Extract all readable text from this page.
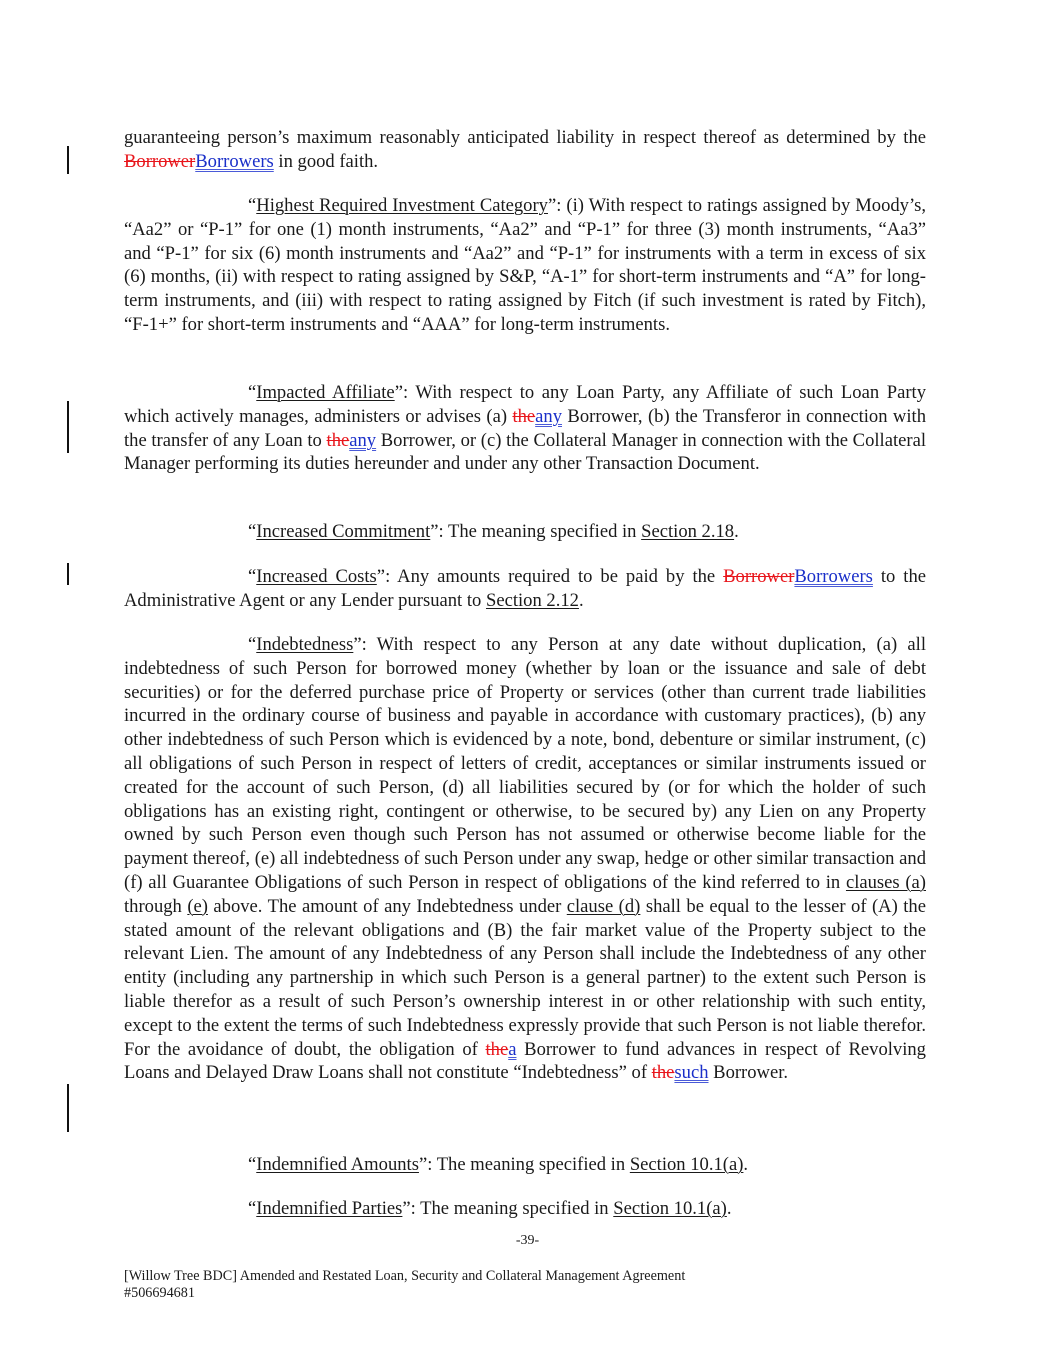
guaranteeing person’s maximum reasonably anticipated liability in respect thereof as determined by the BorrowerBorrowers in good faith.
“Highest Required Investment Category”: (i) With respect to ratings assigned by Moody’s, “Aa2” or “P-1” for one (1) month instruments, “Aa2” and “P-1” for three (3) month instruments, “Aa3” and “P-1” for six (6) month instruments and “Aa2” and “P-1” for instruments with a term in excess of six (6) months, (ii) with respect to rating assigned by S&P, “A-1” for short-term instruments and “A” for long-term instruments, and (iii) with respect to rating assigned by Fitch (if such investment is rated by Fitch), “F-1+” for short-term instruments and “AAA” for long-term instruments.
“Impacted Affiliate”: With respect to any Loan Party, any Affiliate of such Loan Party which actively manages, administers or advises (a) theany Borrower, (b) the Transferor in connection with the transfer of any Loan to theany Borrower, or (c) the Collateral Manager in connection with the Collateral Manager performing its duties hereunder and under any other Transaction Document.
“Increased Commitment”: The meaning specified in Section 2.18.
“Increased Costs”: Any amounts required to be paid by the BorrowerBorrowers to the Administrative Agent or any Lender pursuant to Section 2.12.
“Indebtedness”: With respect to any Person at any date without duplication, (a) all indebtedness of such Person for borrowed money (whether by loan or the issuance and sale of debt securities) or for the deferred purchase price of Property or services (other than current trade liabilities incurred in the ordinary course of business and payable in accordance with customary practices), (b) any other indebtedness of such Person which is evidenced by a note, bond, debenture or similar instrument, (c) all obligations of such Person in respect of letters of credit, acceptances or similar instruments issued or created for the account of such Person, (d) all liabilities secured by (or for which the holder of such obligations has an existing right, contingent or otherwise, to be secured by) any Lien on any Property owned by such Person even though such Person has not assumed or otherwise become liable for the payment thereof, (e) all indebtedness of such Person under any swap, hedge or other similar transaction and (f) all Guarantee Obligations of such Person in respect of obligations of the kind referred to in clauses (a) through (e) above. The amount of any Indebtedness under clause (d) shall be equal to the lesser of (A) the stated amount of the relevant obligations and (B) the fair market value of the Property subject to the relevant Lien. The amount of any Indebtedness of any Person shall include the Indebtedness of any other entity (including any partnership in which such Person is a general partner) to the extent such Person is liable therefor as a result of such Person’s ownership interest in or other relationship with such entity, except to the extent the terms of such Indebtedness expressly provide that such Person is not liable therefor. For the avoidance of doubt, the obligation of thea Borrower to fund advances in respect of Revolving Loans and Delayed Draw Loans shall not constitute “Indebtedness” of thesuch Borrower.
“Indemnified Amounts”: The meaning specified in Section 10.1(a).
“Indemnified Parties”: The meaning specified in Section 10.1(a).
-39-
[Willow Tree BDC] Amended and Restated Loan, Security and Collateral Management Agreement
#506694681
